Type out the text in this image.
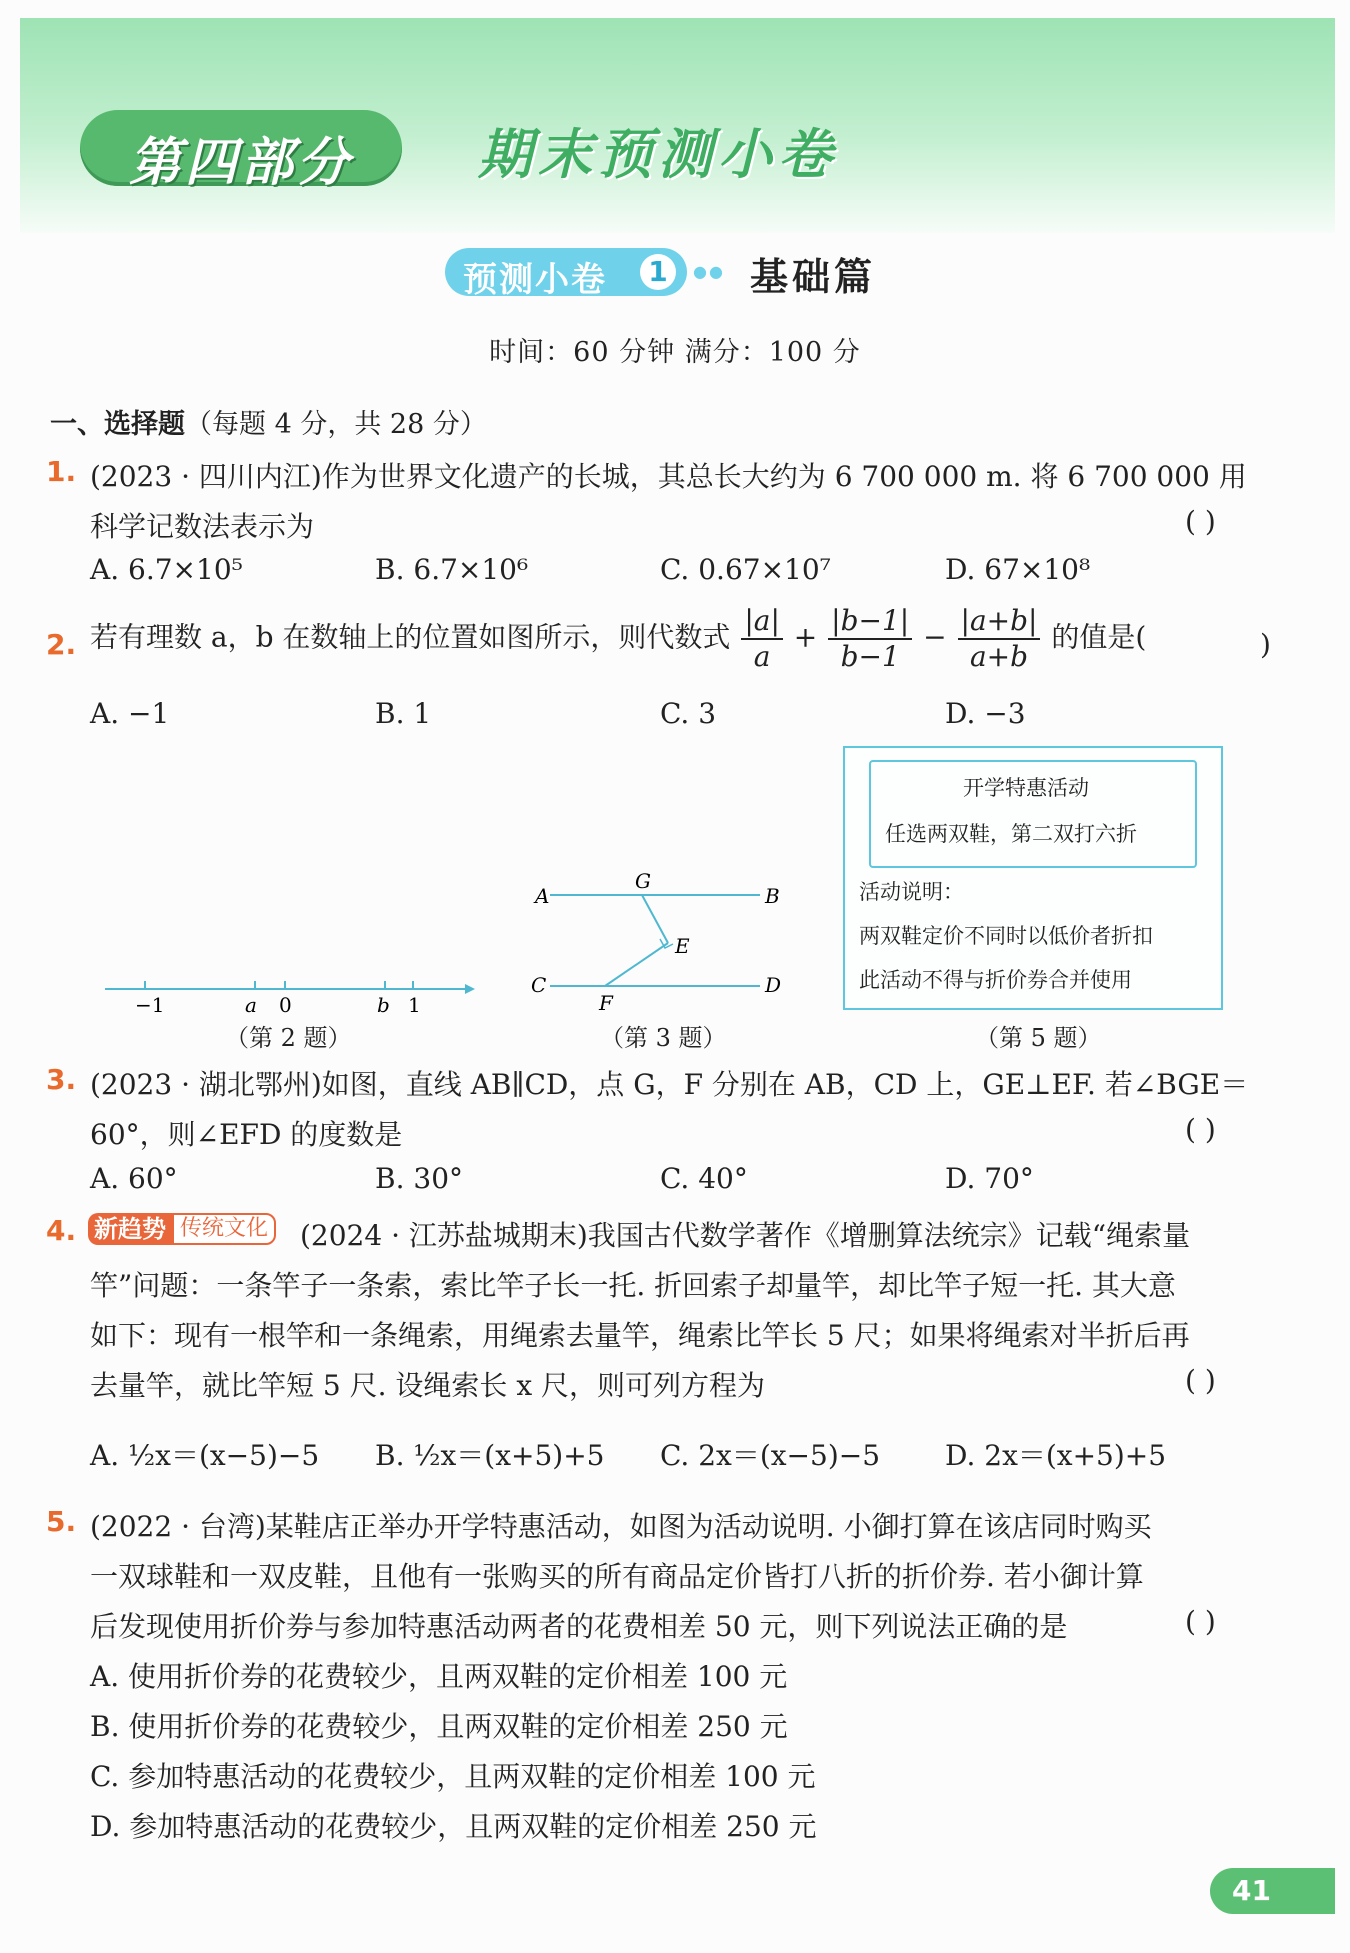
第四部分	期末预测小卷
预测小卷 1	●● 基础篇
时间：60 分钟 满分：100 分
一、选择题（每题 4 分，共 28 分）
1. (2023 · 四川内江)作为世界文化遗产的长城，其总长大约为 6 700 000 m. 将 6 700 000 用
科学记数法表示为	( )
A. 6.7×10⁵	B. 6.7×10⁶	C. 0.67×10⁷	D. 67×10⁸
2. 若有理数 a，b 在数轴上的位置如图所示，则代数式 $\frac{|a|}{a} + \frac{|b-1|}{b-1} - \frac{|a+b|}{a+b}$ 的值是(	)
A. −1	B. 1	C. 3	D. −3
−1	a 0	b 1
（第 2 题）
A
G
B
E
C
F
D
（第 3 题）
开学特惠活动
任选两双鞋，第二双打六折
活动说明：
两双鞋定价不同时以低价者折扣
此活动不得与折价券合并使用
（第 5 题）
3. (2023 · 湖北鄂州)如图，直线 AB∥CD，点 G，F 分别在 AB，CD 上，GE⊥EF. 若∠BGE＝
60°，则∠EFD 的度数是	( )
A. 60°	B. 30°	C. 40°	D. 70°
4. 新趋势 传统文化 (2024 · 江苏盐城期末)我国古代数学著作《增删算法统宗》记载“绳索量
竿”问题：一条竿子一条索，索比竿子长一托. 折回索子却量竿，却比竿子短一托. 其大意
如下：现有一根竿和一条绳索，用绳索去量竿，绳索比竿长 5 尺；如果将绳索对半折后再
去量竿，就比竿短 5 尺. 设绳索长 x 尺，则可列方程为	( )
A. ½x＝(x−5)−5 B. ½x＝(x+5)+5 C. 2x＝(x−5)−5 D. 2x＝(x+5)+5
5. (2022 · 台湾)某鞋店正举办开学特惠活动，如图为活动说明. 小御打算在该店同时购买
一双球鞋和一双皮鞋，且他有一张购买的所有商品定价皆打八折的折价券. 若小御计算
后发现使用折价券与参加特惠活动两者的花费相差 50 元，则下列说法正确的是	( )
A. 使用折价券的花费较少，且两双鞋的定价相差 100 元
B. 使用折价券的花费较少，且两双鞋的定价相差 250 元
C. 参加特惠活动的花费较少，且两双鞋的定价相差 100 元
D. 参加特惠活动的花费较少，且两双鞋的定价相差 250 元
41
